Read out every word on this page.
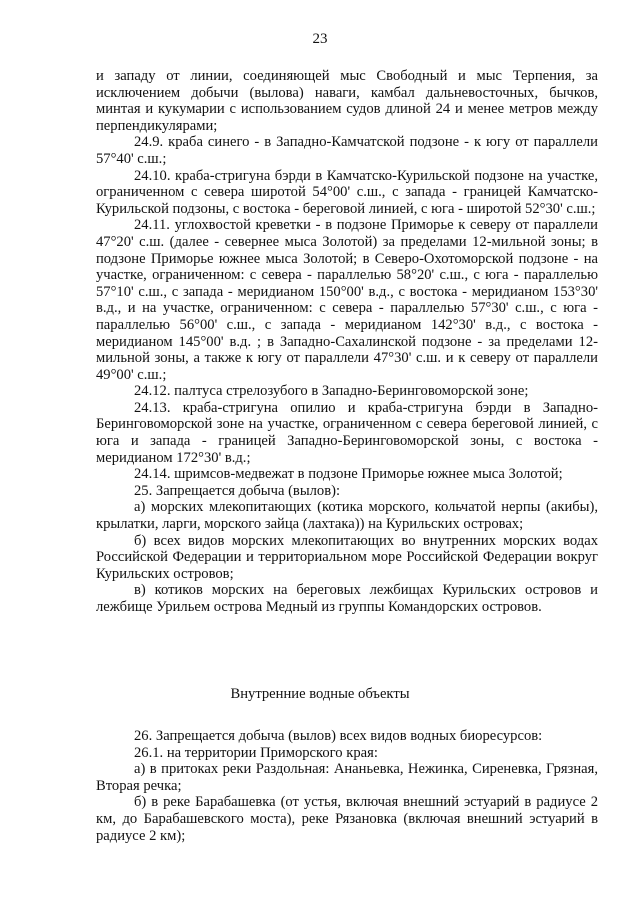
23

и западу от линии, соединяющей мыс Свободный и мыс Терпения, за исключением добычи (вылова) наваги, камбал дальневосточных, бычков, минтая и кукумарии с использованием судов длиной 24 и менее метров между перпендикулярами;

24.9. краба синего - в Западно-Камчатской подзоне - к югу от параллели 57°40' с.ш.;

24.10. краба-стригуна бэрди в Камчатско-Курильской подзоне на участке, ограниченном с севера широтой 54°00' с.ш., с запада - границей Камчатско-Курильской подзоны, с востока - береговой линией, с юга - широтой 52°30' с.ш.;

24.11. углохвостой креветки - в подзоне Приморье к северу от параллели 47°20' с.ш. (далее - севернее мыса Золотой) за пределами 12-мильной зоны; в подзоне Приморье южнее мыса Золотой; в Северо-Охотоморской подзоне - на участке, ограниченном: с севера - параллелью 58°20' с.ш., с юга - параллелью 57°10' с.ш., с запада - меридианом 150°00' в.д., с востока - меридианом 153°30' в.д., и на участке, ограниченном: с севера - параллелью 57°30' с.ш., с юга - параллелью 56°00' с.ш., с запада - меридианом 142°30' в.д., с востока - меридианом 145°00' в.д. ; в Западно-Сахалинской подзоне - за пределами 12-мильной зоны, а также к югу от параллели 47°30' с.ш. и к северу от параллели 49°00' с.ш.;

24.12. палтуса стрелозубого в Западно-Беринговоморской зоне;

24.13. краба-стригуна опилио и краба-стригуна бэрди в Западно-Беринговоморской зоне на участке, ограниченном с севера береговой линией, с юга и запада - границей Западно-Беринговоморской зоны, с востока - меридианом 172°30' в.д.;

24.14. шримсов-медвежат в подзоне Приморье южнее мыса Золотой;

25. Запрещается добыча (вылов):

а) морских млекопитающих (котика морского, кольчатой нерпы (акибы), крылатки, ларги, морского зайца (лахтака)) на Курильских островах;

б) всех видов морских млекопитающих во внутренних морских водах Российской Федерации и территориальном море Российской Федерации вокруг Курильских островов;

в) котиков морских на береговых лежбищах Курильских островов и лежбище Урильем острова Медный из группы Командорских островов.

Внутренние водные объекты

26. Запрещается добыча (вылов) всех видов водных биоресурсов:

26.1. на территории Приморского края:

а) в притоках реки Раздольная: Ананьевка, Нежинка, Сиреневка, Грязная, Вторая речка;

б) в реке Барабашевка (от устья, включая внешний эстуарий в радиусе 2 км, до Барабашевского моста), реке Рязановка (включая внешний эстуарий в радиусе 2 км);
